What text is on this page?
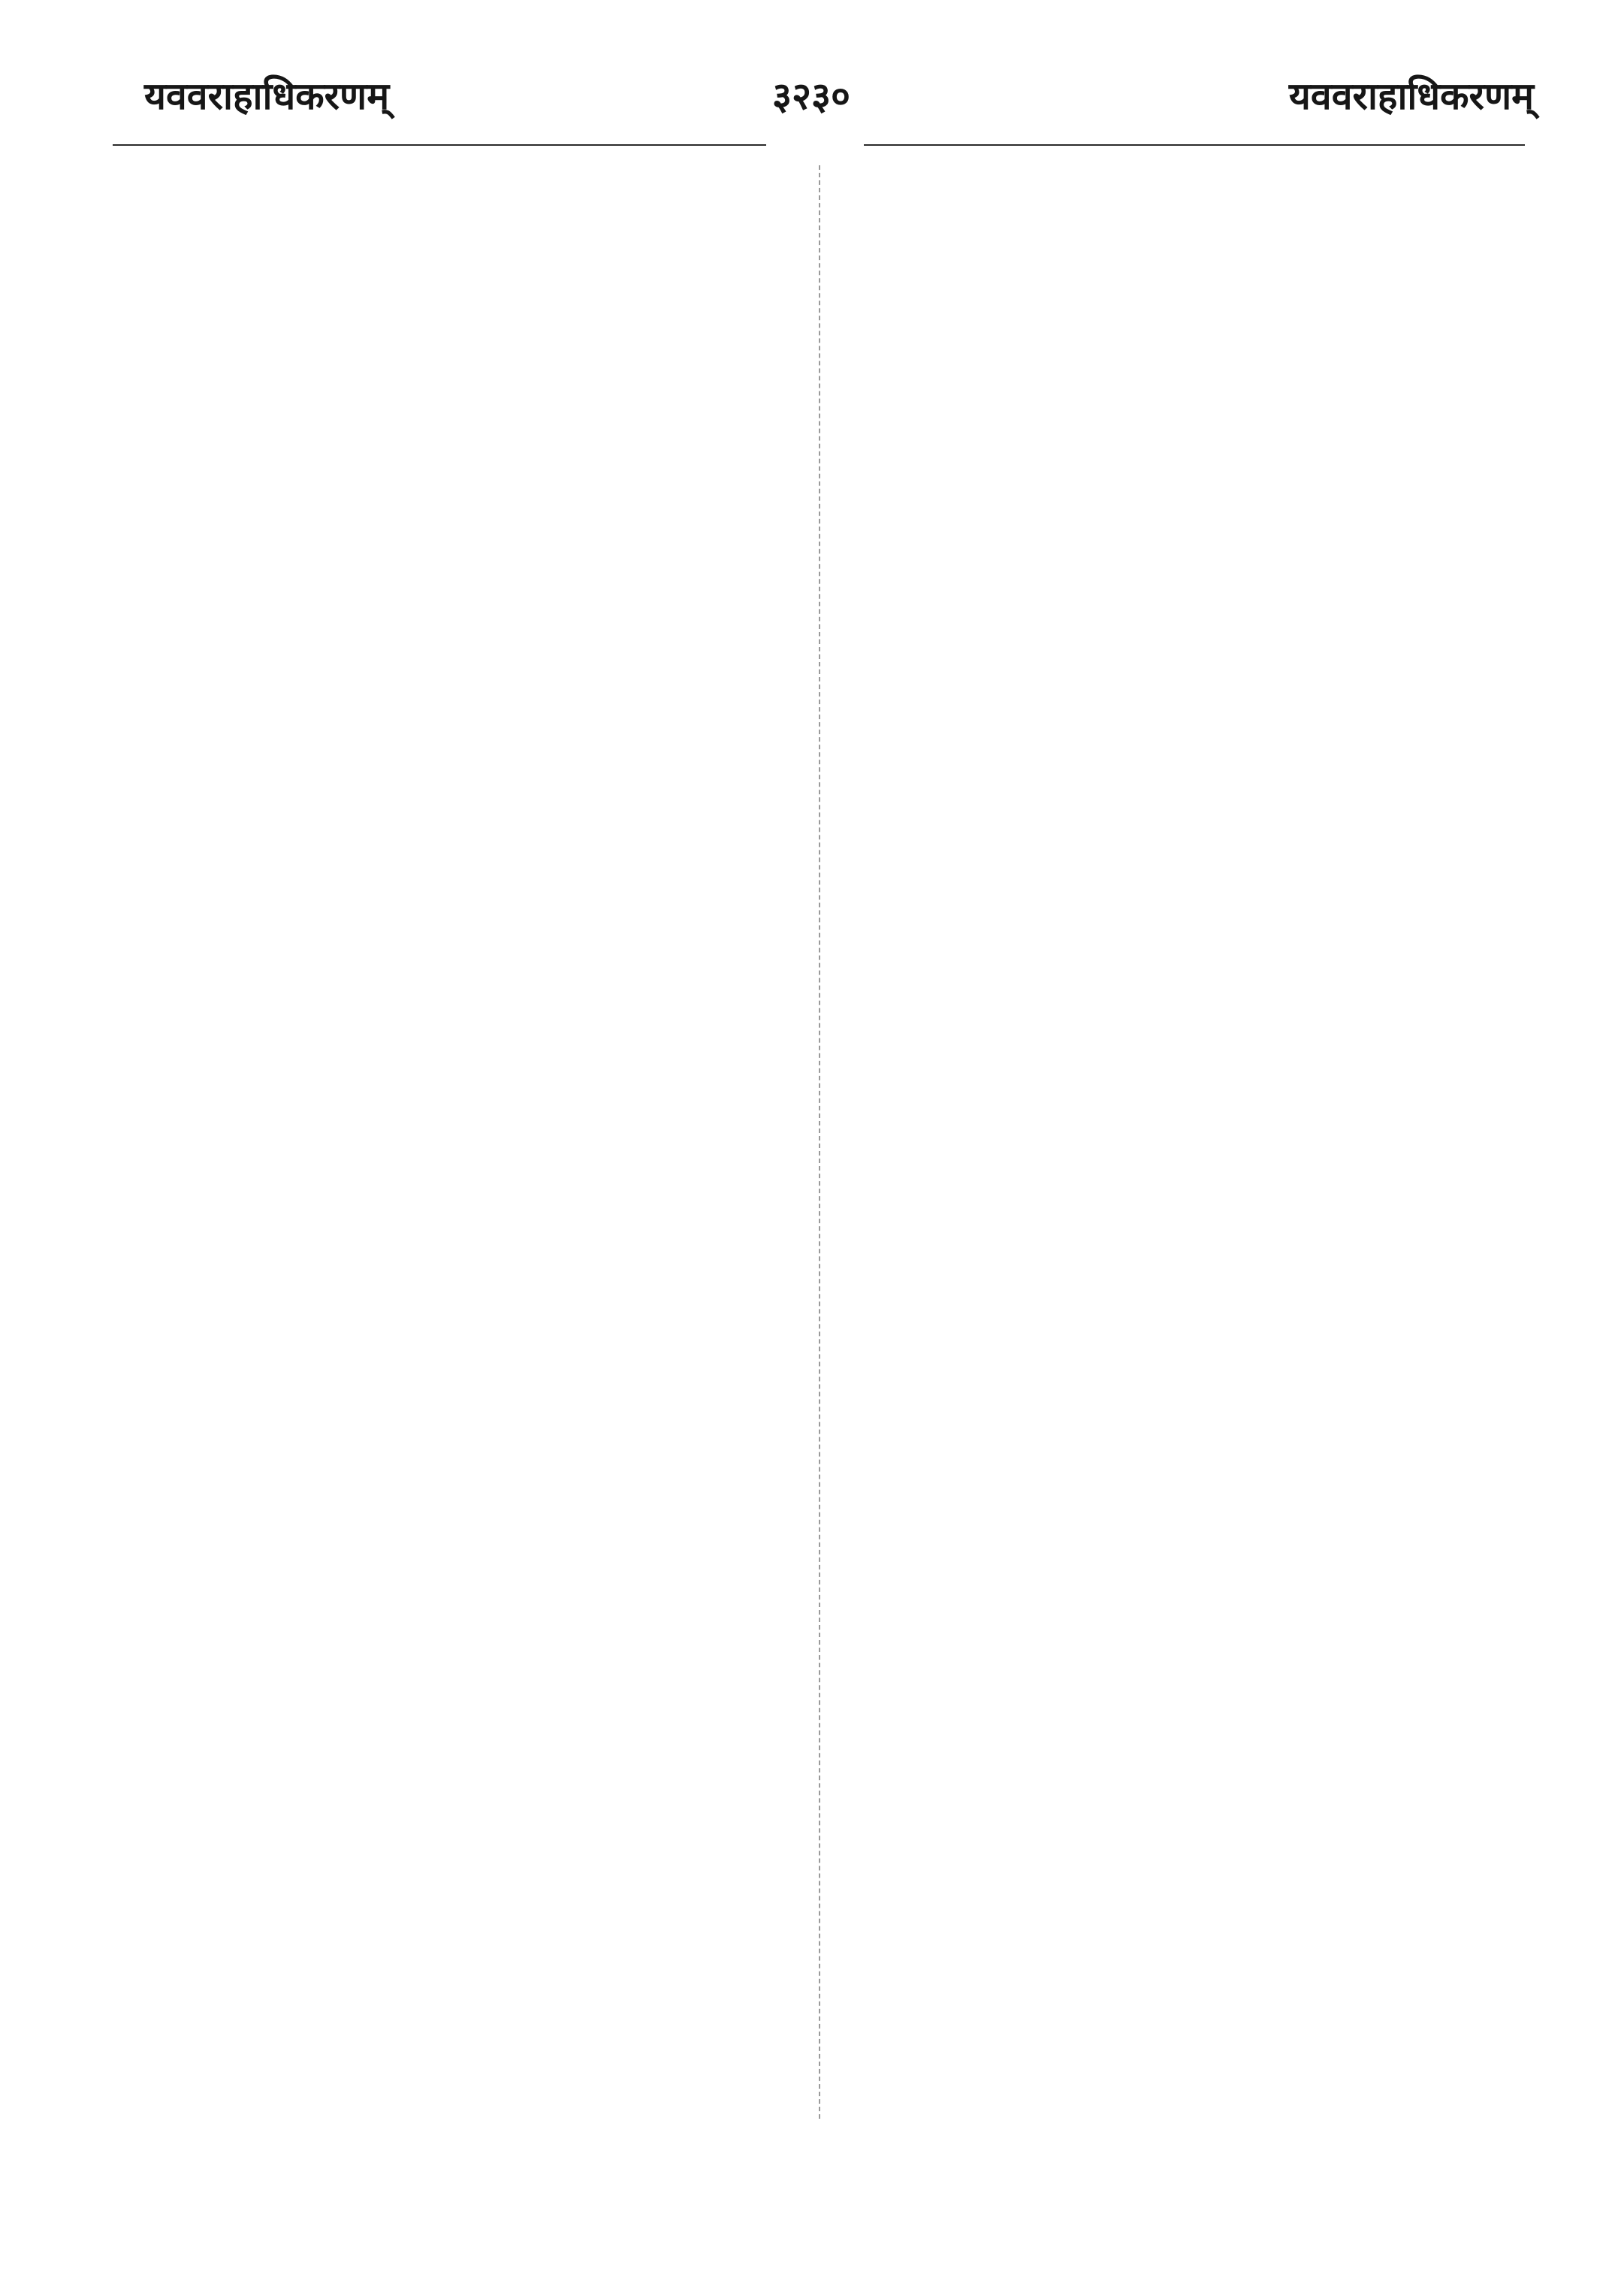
यववराहाधिकरणम्	३२३०	यववराहाधिकरणम्
